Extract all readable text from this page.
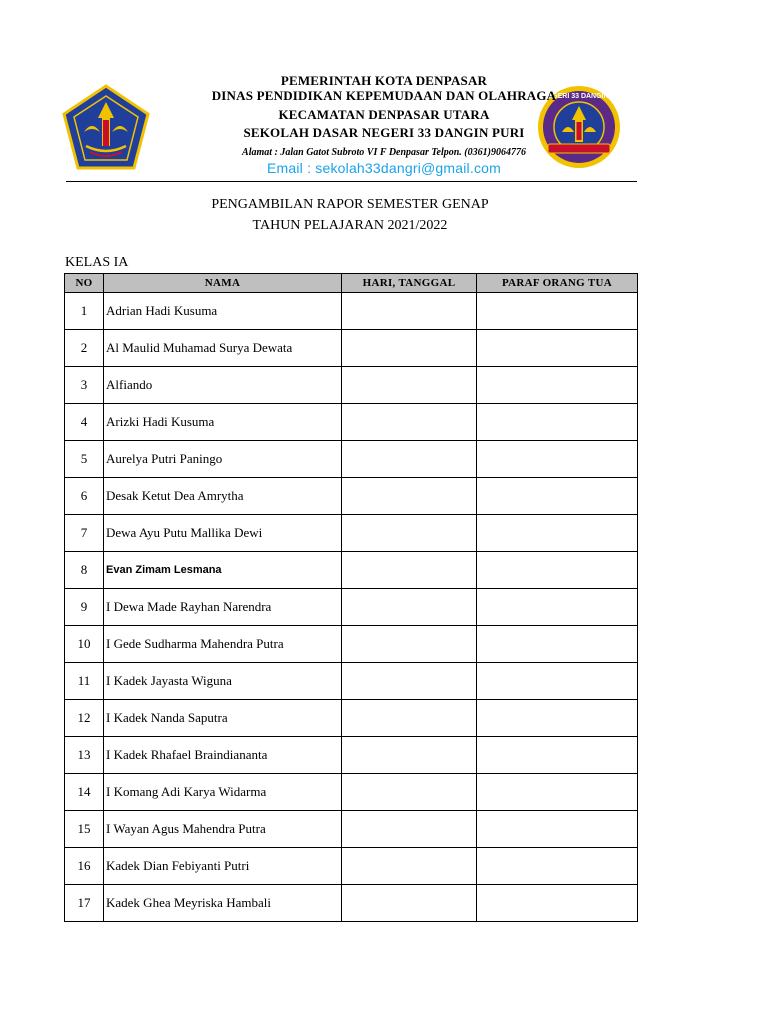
SD NEGERI 33 DANGIN PURI
PEMERINTAH KOTA DENPASAR
DINAS PENDIDIKAN KEPEMUDAAN DAN OLAHRAGA
KECAMATAN DENPASAR UTARA
SEKOLAH DASAR NEGERI 33 DANGIN PURI
Alamat : Jalan Gatot Subroto VI F Denpasar Telpon. (0361)9064776
Email : sekolah33dangri@gmail.com
PENGAMBILAN RAPOR SEMESTER GENAP
TAHUN PELAJARAN 2021/2022
KELAS IA
NO	NAMA	HARI, TANGGAL	PARAF ORANG TUA
1	Adrian Hadi Kusuma		
2	Al Maulid Muhamad Surya Dewata		
3	Alfiando		
4	Arizki Hadi Kusuma		
5	Aurelya Putri Paningo		
6	Desak Ketut Dea Amrytha		
7	Dewa Ayu Putu Mallika Dewi		
8	Evan Zimam Lesmana		
9	I Dewa Made Rayhan Narendra		
10	I Gede Sudharma Mahendra Putra		
11	I Kadek Jayasta Wiguna		
12	I Kadek Nanda Saputra		
13	I Kadek Rhafael Braindiananta		
14	I Komang Adi Karya Widarma		
15	I Wayan Agus Mahendra Putra		
16	Kadek Dian Febiyanti Putri		
17	Kadek Ghea Meyriska Hambali		
